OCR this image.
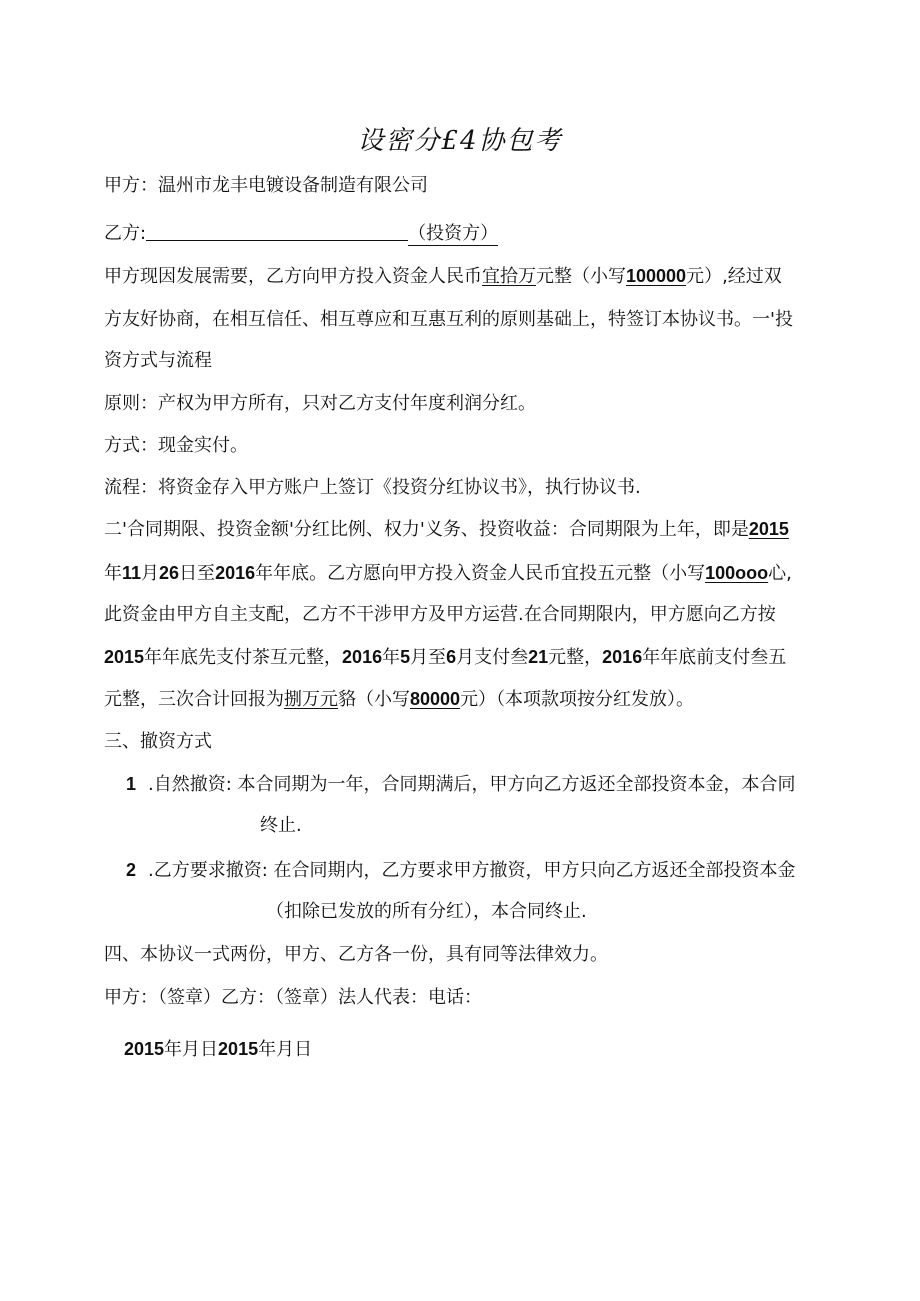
设密分£4协包考
甲方：温州市龙丰电镀设备制造有限公司
乙方:	（投资方）
甲方现因发展需要，乙方向甲方投入资金人民币宜拾万元整（小写100000元）,经过双
方友好协商，在相互信任、相互尊应和互惠互利的原则基础上，特签订本协议书。一'投
资方式与流程
原则：产权为甲方所有，只对乙方支付年度利润分红。
方式：现金实付。
流程：将资金存入甲方账户上签订《投资分红协议书》，执行协议书.
二'合同期限、投资金额'分红比例、权力'义务、投资收益：合同期限为上年，即是2015
年11月26日至2016年年底。乙方愿向甲方投入资金人民币宜投五元整（小写100ooo心,
此资金由甲方自主支配，乙方不干涉甲方及甲方运营.在合同期限内，甲方愿向乙方按
2015年年底先支付茶互元整，2016年5月至6月支付叁21元整，2016年年底前支付叁五
元整，三次合计回报为捌万元貉（小写80000元）（本项款项按分红发放）。
三、撤资方式
1 .自然撤资: 本合同期为一年，合同期满后，甲方向乙方返还全部投资本金，本合同
终止.
2 .乙方要求撤资: 在合同期内，乙方要求甲方撤资，甲方只向乙方返还全部投资本金
（扣除已发放的所有分红），本合同终止.
四、本协议一式两份，甲方、乙方各一份，具有同等法律效力。
甲方：（签章）乙方：（签章）法人代表：电话：
2015年月日2015年月日
